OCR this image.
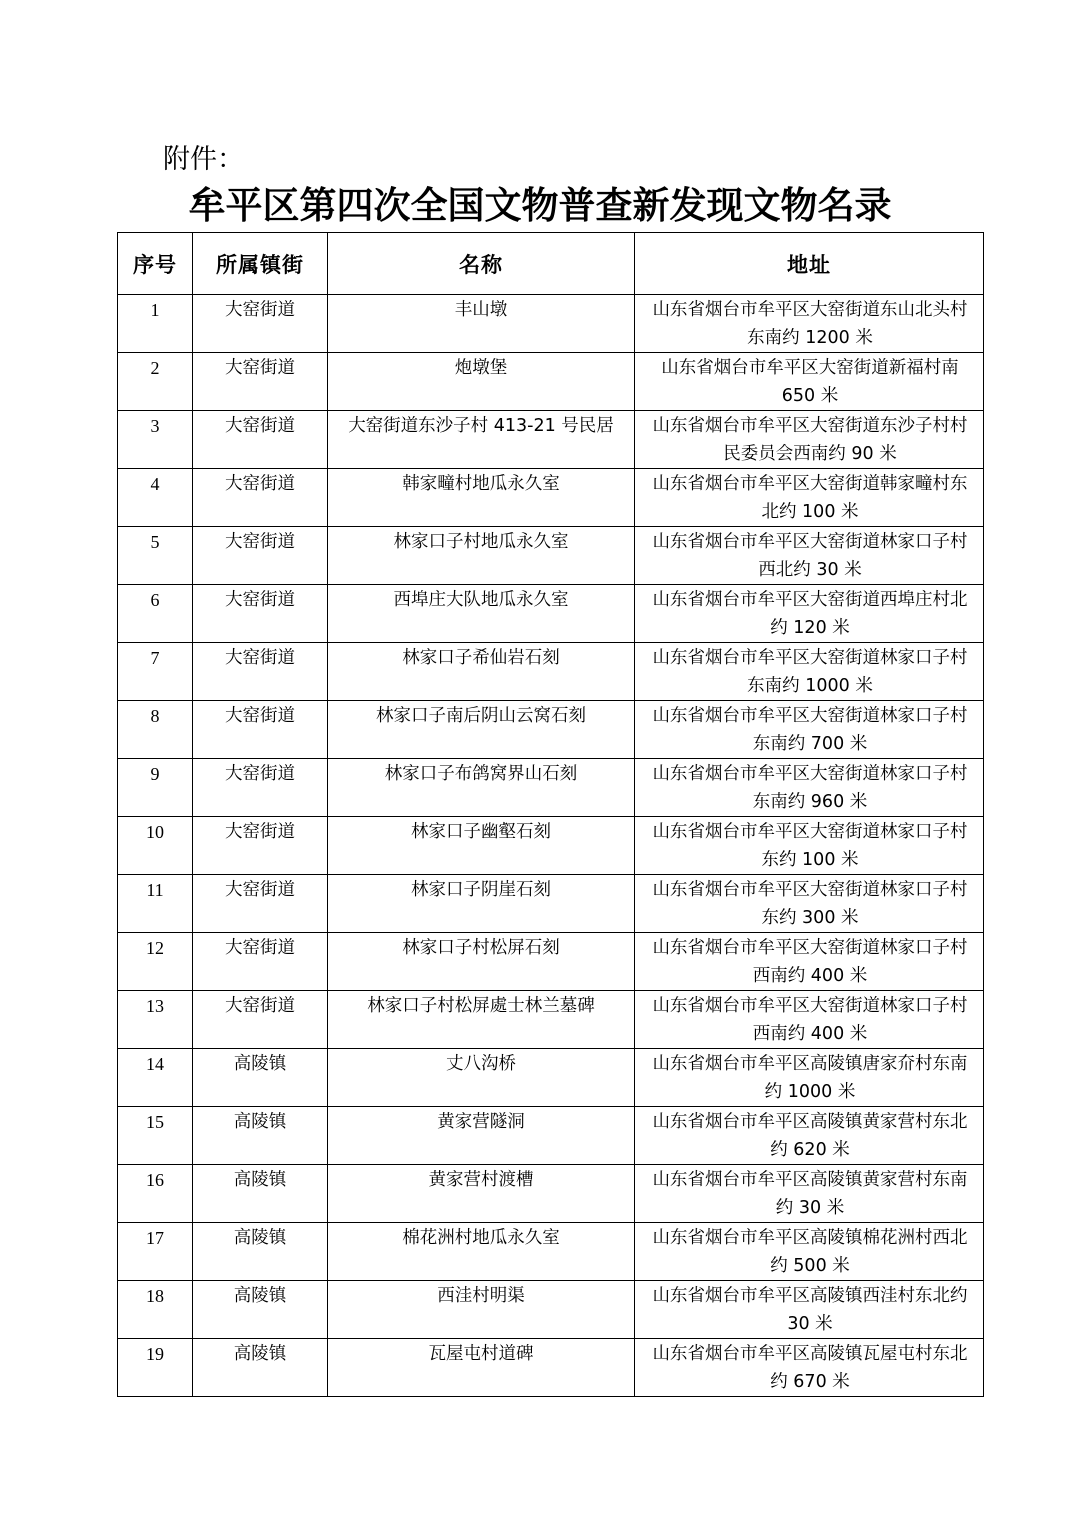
附件：
牟平区第四次全国文物普查新发现文物名录
序号	所属镇街	名称	地址
1	大窑街道	丰山墩	山东省烟台市牟平区大窑街道东山北头村东南约 1200 米
2	大窑街道	炮墩堡	山东省烟台市牟平区大窑街道新福村南 650 米
3	大窑街道	大窑街道东沙子村 413-21 号民居	山东省烟台市牟平区大窑街道东沙子村村民委员会西南约 90 米
4	大窑街道	韩家疃村地瓜永久室	山东省烟台市牟平区大窑街道韩家疃村东北约 100 米
5	大窑街道	林家口子村地瓜永久室	山东省烟台市牟平区大窑街道林家口子村西北约 30 米
6	大窑街道	西埠庄大队地瓜永久室	山东省烟台市牟平区大窑街道西埠庄村北约 120 米
7	大窑街道	林家口子希仙岩石刻	山东省烟台市牟平区大窑街道林家口子村东南约 1000 米
8	大窑街道	林家口子南后阴山云窝石刻	山东省烟台市牟平区大窑街道林家口子村东南约 700 米
9	大窑街道	林家口子布鸽窝界山石刻	山东省烟台市牟平区大窑街道林家口子村东南约 960 米
10	大窑街道	林家口子幽壑石刻	山东省烟台市牟平区大窑街道林家口子村东约 100 米
11	大窑街道	林家口子阴崖石刻	山东省烟台市牟平区大窑街道林家口子村东约 300 米
12	大窑街道	林家口子村松屏石刻	山东省烟台市牟平区大窑街道林家口子村西南约 400 米
13	大窑街道	林家口子村松屏處士林兰墓碑	山东省烟台市牟平区大窑街道林家口子村西南约 400 米
14	高陵镇	丈八沟桥	山东省烟台市牟平区高陵镇唐家夼村东南约 1000 米
15	高陵镇	黄家营隧洞	山东省烟台市牟平区高陵镇黄家营村东北约 620 米
16	高陵镇	黄家营村渡槽	山东省烟台市牟平区高陵镇黄家营村东南约 30 米
17	高陵镇	棉花洲村地瓜永久室	山东省烟台市牟平区高陵镇棉花洲村西北约 500 米
18	高陵镇	西洼村明渠	山东省烟台市牟平区高陵镇西洼村东北约 30 米
19	高陵镇	瓦屋屯村道碑	山东省烟台市牟平区高陵镇瓦屋屯村东北约 670 米
